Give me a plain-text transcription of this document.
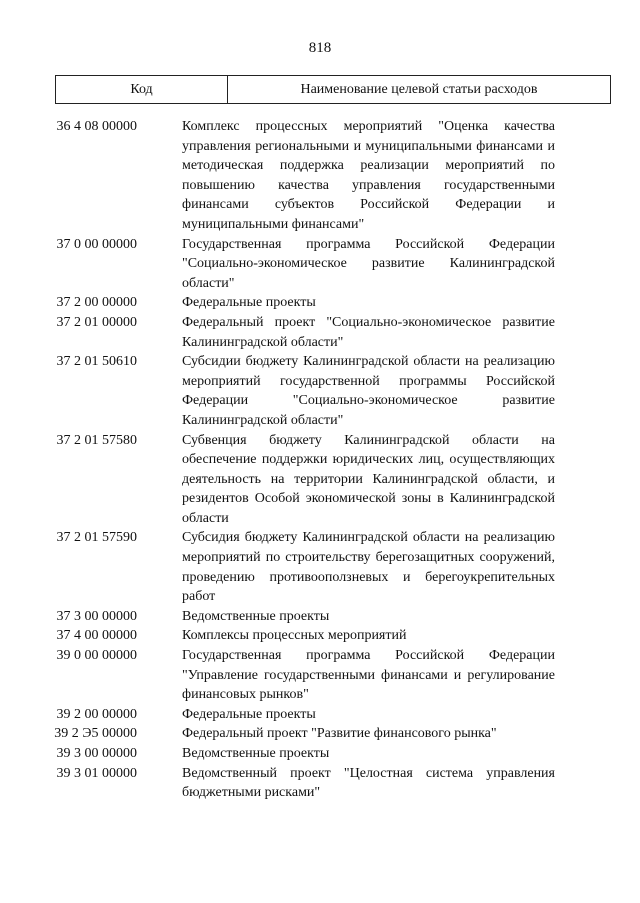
818
Код	Наименование целевой статьи расходов
36 4 08 00000	Комплекс процессных мероприятий "Оценка качества управления региональными и муниципальными финансами и методическая поддержка реализации мероприятий по повышению качества управления государственными финансами субъектов Российской Федерации и муниципальными финансами"
37 0 00 00000	Государственная программа Российской Федерации "Социально-экономическое развитие Калининградской области"
37 2 00 00000	Федеральные проекты
37 2 01 00000	Федеральный проект "Социально-экономическое развитие Калининградской области"
37 2 01 50610	Субсидии бюджету Калининградской области на реализацию мероприятий государственной программы Российской Федерации "Социально-экономическое развитие Калининградской области"
37 2 01 57580	Субвенция бюджету Калининградской области на обеспечение поддержки юридических лиц, осуществляющих деятельность на территории Калининградской области, и резидентов Особой экономической зоны в Калининградской области
37 2 01 57590	Субсидия бюджету Калининградской области на реализацию мероприятий по строительству берегозащитных сооружений, проведению противооползневых и берегоукрепительных работ
37 3 00 00000	Ведомственные проекты
37 4 00 00000	Комплексы процессных мероприятий
39 0 00 00000	Государственная программа Российской Федерации "Управление государственными финансами и регулирование финансовых рынков"
39 2 00 00000	Федеральные проекты
39 2 Э5 00000	Федеральный проект "Развитие финансового рынка"
39 3 00 00000	Ведомственные проекты
39 3 01 00000	Ведомственный проект "Целостная система управления бюджетными рисками"
